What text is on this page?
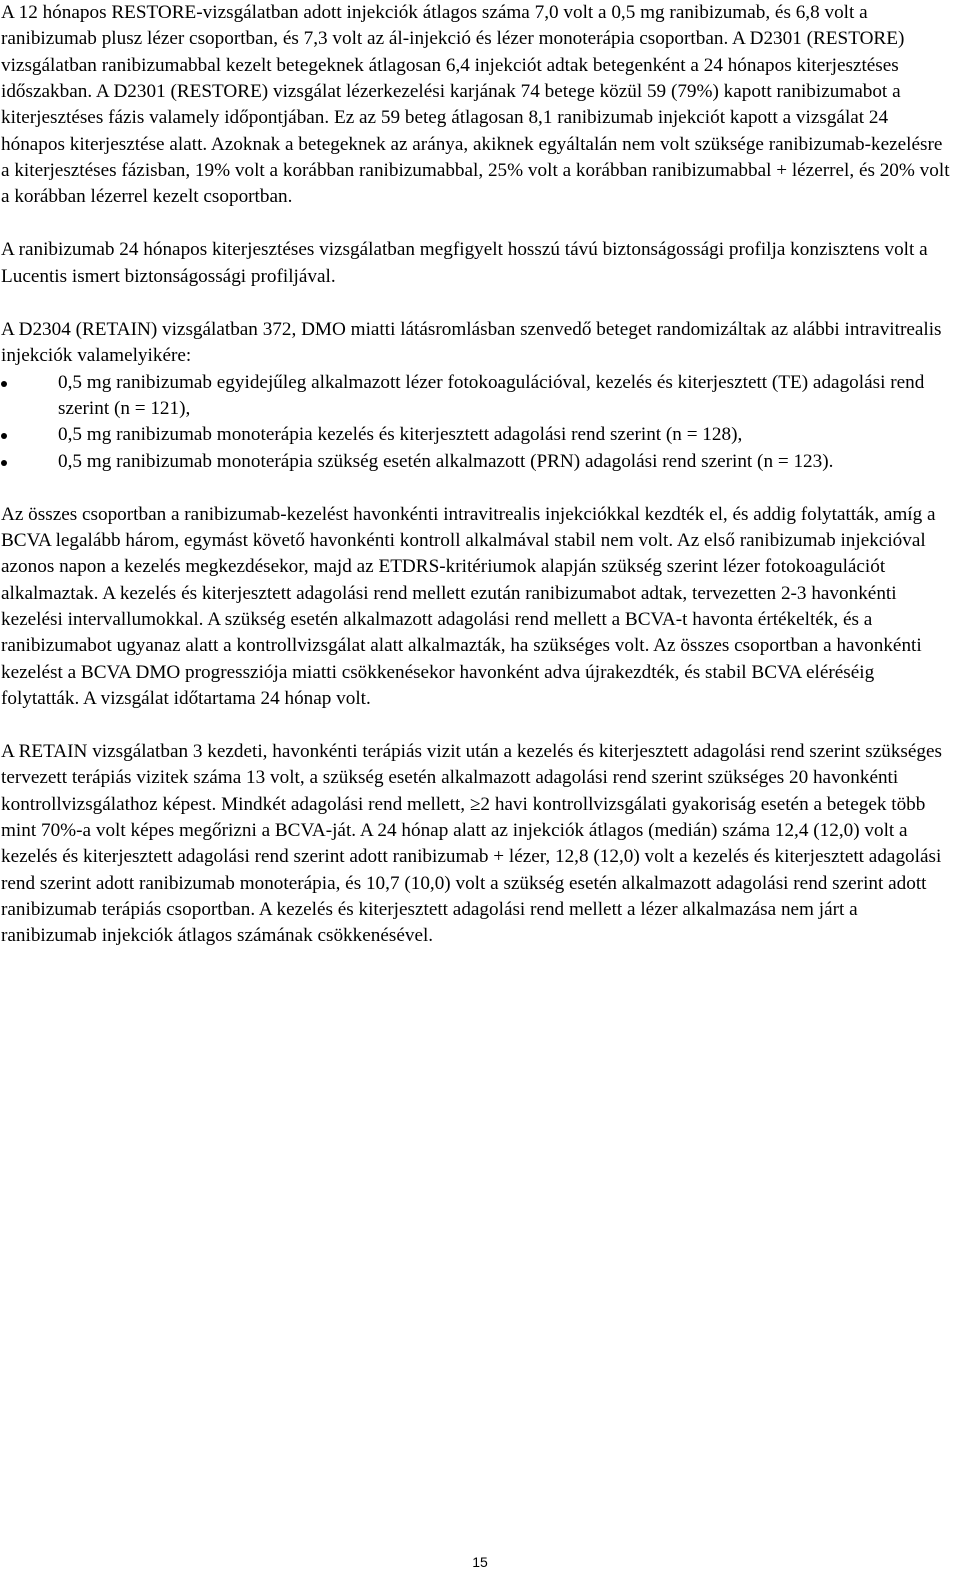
A 12 hónapos RESTORE-vizsgálatban adott injekciók átlagos száma 7,0 volt a 0,5 mg ranibizumab, és 6,8 volt a ranibizumab plusz lézer csoportban, és 7,3 volt az ál-injekció és lézer monoterápia csoportban. A D2301 (RESTORE) vizsgálatban ranibizumabbal kezelt betegeknek átlagosan 6,4 injekciót adtak betegenként a 24 hónapos kiterjesztéses időszakban. A D2301 (RESTORE) vizsgálat lézerkezelési karjának 74 betege közül 59 (79%) kapott ranibizumabot a kiterjesztéses fázis valamely időpontjában. Ez az 59 beteg átlagosan 8,1 ranibizumab injekciót kapott a vizsgálat 24 hónapos kiterjesztése alatt. Azoknak a betegeknek az aránya, akiknek egyáltalán nem volt szüksége ranibizumab-kezelésre a kiterjesztéses fázisban, 19% volt a korábban ranibizumabbal, 25% volt a korábban ranibizumabbal + lézerrel, és 20% volt a korábban lézerrel kezelt csoportban.

A ranibizumab 24 hónapos kiterjesztéses vizsgálatban megfigyelt hosszú távú biztonságossági profilja konzisztens volt a Lucentis ismert biztonságossági profiljával.

A D2304 (RETAIN) vizsgálatban 372, DMO miatti látásromlásban szenvedő beteget randomizáltak az alábbi intravitrealis injekciók valamelyikére:

0,5 mg ranibizumab egyidejűleg alkalmazott lézer fotokoagulációval, kezelés és kiterjesztett (TE) adagolási rend szerint (n = 121),
0,5 mg ranibizumab monoterápia kezelés és kiterjesztett adagolási rend szerint (n = 128),
0,5 mg ranibizumab monoterápia szükség esetén alkalmazott (PRN) adagolási rend szerint (n = 123).

Az összes csoportban a ranibizumab-kezelést havonkénti intravitrealis injekciókkal kezdték el, és addig folytatták, amíg a BCVA legalább három, egymást követő havonkénti kontroll alkalmával stabil nem volt. Az első ranibizumab injekcióval azonos napon a kezelés megkezdésekor, majd az ETDRS-kritériumok alapján szükség szerint lézer fotokoagulációt alkalmaztak. A kezelés és kiterjesztett adagolási rend mellett ezután ranibizumabot adtak, tervezetten 2-3 havonkénti kezelési intervallumokkal. A szükség esetén alkalmazott adagolási rend mellett a BCVA-t havonta értékelték, és a ranibizumabot ugyanaz alatt a kontrollvizsgálat alatt alkalmazták, ha szükséges volt. Az összes csoportban a havonkénti kezelést a BCVA DMO progressziója miatti csökkenésekor havonként adva újrakezdték, és stabil BCVA eléréséig folytatták. A vizsgálat időtartama 24 hónap volt.

A RETAIN vizsgálatban 3 kezdeti, havonkénti terápiás vizit után a kezelés és kiterjesztett adagolási rend szerint szükséges tervezett terápiás vizitek száma 13 volt, a szükség esetén alkalmazott adagolási rend szerint szükséges 20 havonkénti kontrollvizsgálathoz képest. Mindkét adagolási rend mellett, ≥2 havi kontrollvizsgálati gyakoriság esetén a betegek több mint 70%-a volt képes megőrizni a BCVA-ját. A 24 hónap alatt az injekciók átlagos (medián) száma 12,4 (12,0) volt a kezelés és kiterjesztett adagolási rend szerint adott ranibizumab + lézer, 12,8 (12,0) volt a kezelés és kiterjesztett adagolási rend szerint adott ranibizumab monoterápia, és 10,7 (10,0) volt a szükség esetén alkalmazott adagolási rend szerint adott ranibizumab terápiás csoportban. A kezelés és kiterjesztett adagolási rend mellett a lézer alkalmazása nem járt a ranibizumab injekciók átlagos számának csökkenésével.

15
